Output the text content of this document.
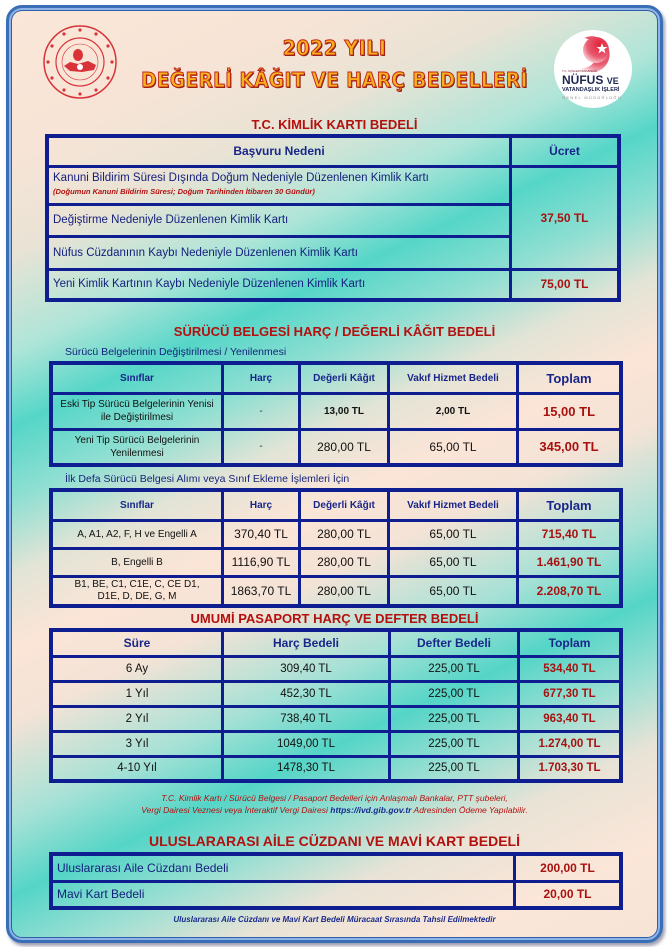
2022 YILI
DEĞERLİ KÂĞIT VE HARÇ BEDELLERİ	T.C. İÇİŞLERİ BAKANLIĞI
NÜFUS VE
VATANDAŞLIK İŞLERİ
GENEL MÜDÜRLÜĞÜ
T.C. KİMLİK KARTI BEDELİ
Başvuru Nedeni	Ücret

Kanuni Bildirim Süresi Dışında Doğum Nedeniyle Düzenlenen Kimlik Kartı
(Doğumun Kanuni Bildirim Süresi; Doğum Tarihinden İtibaren 30 Gündür)	37,50 TL
Değiştirme Nedeniyle Düzenlenen Kimlik Kartı	
Nüfus Cüzdanının Kaybı Nedeniyle Düzenlenen Kimlik Kartı	
Yeni Kimlik Kartının Kaybı Nedeniyle Düzenlenen Kimlik Kartı	75,00 TL
SÜRÜCÜ BELGESİ HARÇ / DEĞERLİ KÂĞIT BEDELİ
Sürücü Belgelerinin Değiştirilmesi / Yenilenmesi
Sınıflar	Harç	Değerli Kâğıt	Vakıf Hizmet Bedeli	Toplam
Eski Tip Sürücü Belgelerinin Yenisi ile Değiştirilmesi	-	13,00 TL	2,00 TL	15,00 TL
Yeni Tip Sürücü Belgelerinin Yenilenmesi	-	280,00 TL	65,00 TL	345,00 TL
İlk Defa Sürücü Belgesi Alımı veya Sınıf Ekleme İşlemleri İçin
Sınıflar	Harç	Değerli Kâğıt	Vakıf Hizmet Bedeli	Toplam
A, A1, A2, F, H ve Engelli A	370,40 TL	280,00 TL	65,00 TL	715,40 TL
B, Engelli B	1116,90 TL	280,00 TL	65,00 TL	1.461,90 TL
B1, BE, C1, C1E, C, CE D1, D1E, D, DE, G, M	1863,70 TL	280,00 TL	65,00 TL	2.208,70 TL
UMUMİ PASAPORT HARÇ VE DEFTER BEDELİ
Süre	Harç Bedeli	Defter Bedeli	Toplam
6 Ay	309,40 TL	225,00 TL	534,40 TL
1 Yıl	452,30 TL	225,00 TL	677,30 TL
2 Yıl	738,40 TL	225,00 TL	963,40 TL
3 Yıl	1049,00 TL	225,00 TL	1.274,00 TL
4-10 Yıl	1478,30 TL	225,00 TL	1.703,30 TL
T.C. Kimlik Kartı / Sürücü Belgesi / Pasaport Bedelleri için Anlaşmalı Bankalar, PTT şubeleri,
Vergi Dairesi Veznesi veya İnteraktif Vergi Dairesi https://ivd.gib.gov.tr Adresinden Ödeme Yapılabilir.
ULUSLARARASI AİLE CÜZDANI VE MAVİ KART BEDELİ
Uluslararası Aile Cüzdanı Bedeli	200,00 TL
Mavi Kart Bedeli	20,00 TL
Uluslararası Aile Cüzdanı ve Mavi Kart Bedeli Müracaat Sırasında Tahsil Edilmektedir
